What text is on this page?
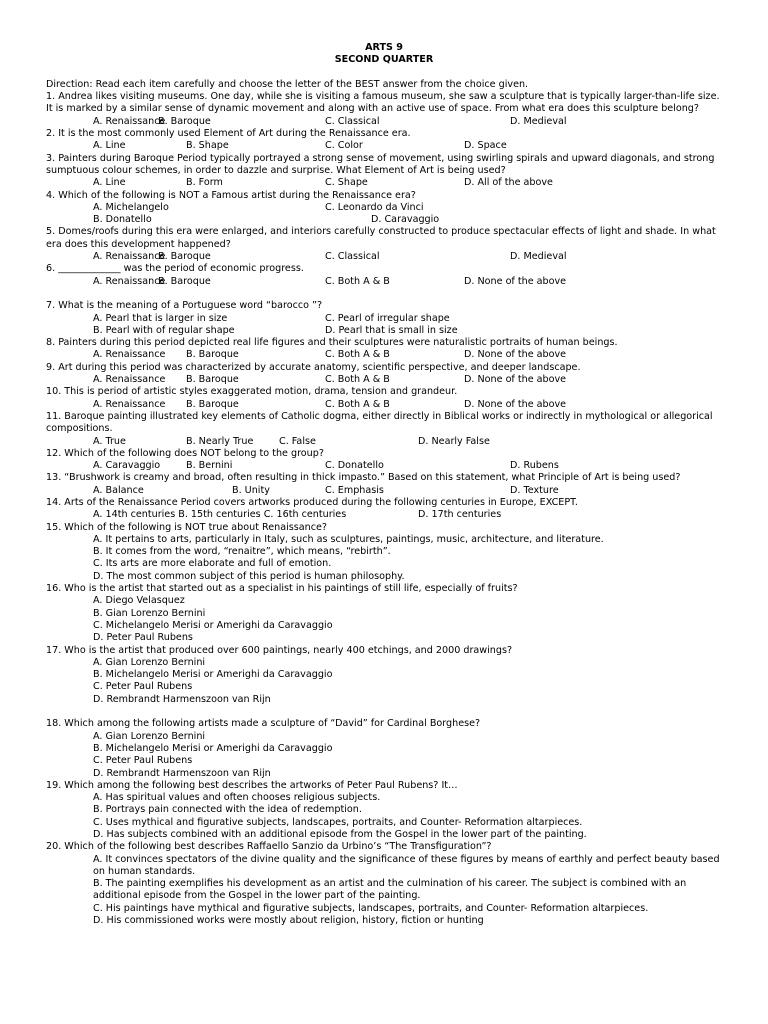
ARTS 9
SECOND QUARTER
Direction: Read each item carefully and choose the letter of the BEST answer from the choice given.
1. Andrea likes visiting museums. One day, while she is visiting a famous museum, she saw a sculpture that is typically larger-than-life size. It is marked by a similar sense of dynamic movement and along with an active use of space. From what era does this sculpture belong?
A. Renaissance
B. Baroque	C. Classical	D. Medieval
2. It is the most commonly used Element of Art during the Renaissance era.
A. Line	B. Shape	C. Color	D. Space
3. Painters during Baroque Period typically portrayed a strong sense of movement, using swirling spirals and upward diagonals, and strong sumptuous colour schemes, in order to dazzle and surprise. What Element of Art is being used?
A. Line	B. Form	C. Shape	D. All of the above
4. Which of the following is NOT a Famous artist during the Renaissance era?
A. Michelangelo	C. Leonardo da Vinci
B. Donatello	D. Caravaggio
5. Domes/roofs during this era were enlarged, and interiors carefully constructed to produce spectacular effects of light and shade. In what era does this development happened?
A. Renaissance
B. Baroque	C. Classical	D. Medieval
6. _____________ was the period of economic progress.
A. Renaissance
B. Baroque	C. Both A & B	D. None of the above
7. What is the meaning of a Portuguese word “barocco ”?
A. Pearl that is larger in size	C. Pearl of irregular shape
B. Pearl with of regular shape	D. Pearl that is small in size
8. Painters during this period depicted real life figures and their sculptures were naturalistic portraits of human beings.
A. Renaissance B. Baroque	C. Both A & B	D. None of the above
9. Art during this period was characterized by accurate anatomy, scientific perspective, and deeper landscape.
A. Renaissance B. Baroque	C. Both A & B	D. None of the above
10. This is period of artistic styles exaggerated motion, drama, tension and grandeur.
A. Renaissance B. Baroque	C. Both A & B	D. None of the above
11. Baroque painting illustrated key elements of Catholic dogma, either directly in Biblical works or indirectly in mythological or allegorical compositions.
A. True	B. Nearly True	C. False	D. Nearly False
12. Which of the following does NOT belong to the group?
A. Caravaggio	B. Bernini	C. Donatello	D. Rubens
13. “Brushwork is creamy and broad, often resulting in thick impasto.” Based on this statement, what Principle of Art is being used?
A. Balance	B. Unity	C. Emphasis	D. Texture
14. Arts of the Renaissance Period covers artworks produced during the following centuries in Europe, EXCEPT.
A. 14th centuries B. 15th centuries C. 16th centuries	D. 17th centuries
15. Which of the following is NOT true about Renaissance?
A. It pertains to arts, particularly in Italy, such as sculptures, paintings, music, architecture, and literature.
B. It comes from the word, “renaitre”, which means, “rebirth”.
C. Its arts are more elaborate and full of emotion.
D. The most common subject of this period is human philosophy.
16. Who is the artist that started out as a specialist in his paintings of still life, especially of fruits?
A. Diego Velasquez
B. Gian Lorenzo Bernini
C. Michelangelo Merisi or Amerighi da Caravaggio
D. Peter Paul Rubens
17. Who is the artist that produced over 600 paintings, nearly 400 etchings, and 2000 drawings?
A. Gian Lorenzo Bernini
B. Michelangelo Merisi or Amerighi da Caravaggio
C. Peter Paul Rubens
D. Rembrandt Harmenszoon van Rijn
18. Which among the following artists made a sculpture of “David” for Cardinal Borghese?
A. Gian Lorenzo Bernini
B. Michelangelo Merisi or Amerighi da Caravaggio
C. Peter Paul Rubens
D. Rembrandt Harmenszoon van Rijn
19. Which among the following best describes the artworks of Peter Paul Rubens? It…
A. Has spiritual values and often chooses religious subjects.
B. Portrays pain connected with the idea of redemption.
C. Uses mythical and figurative subjects, landscapes, portraits, and Counter- Reformation altarpieces.
D. Has subjects combined with an additional episode from the Gospel in the lower part of the painting.
20. Which of the following best describes Raffaello Sanzio da Urbino’s “The Transfiguration”?
A. It convinces spectators of the divine quality and the significance of these figures by means of earthly and perfect beauty based on human standards.
B. The painting exemplifies his development as an artist and the culmination of his career. The subject is combined with an additional episode from the Gospel in the lower part of the painting.
C. His paintings have mythical and figurative subjects, landscapes, portraits, and Counter- Reformation altarpieces.
D. His commissioned works were mostly about religion, history, fiction or hunting
